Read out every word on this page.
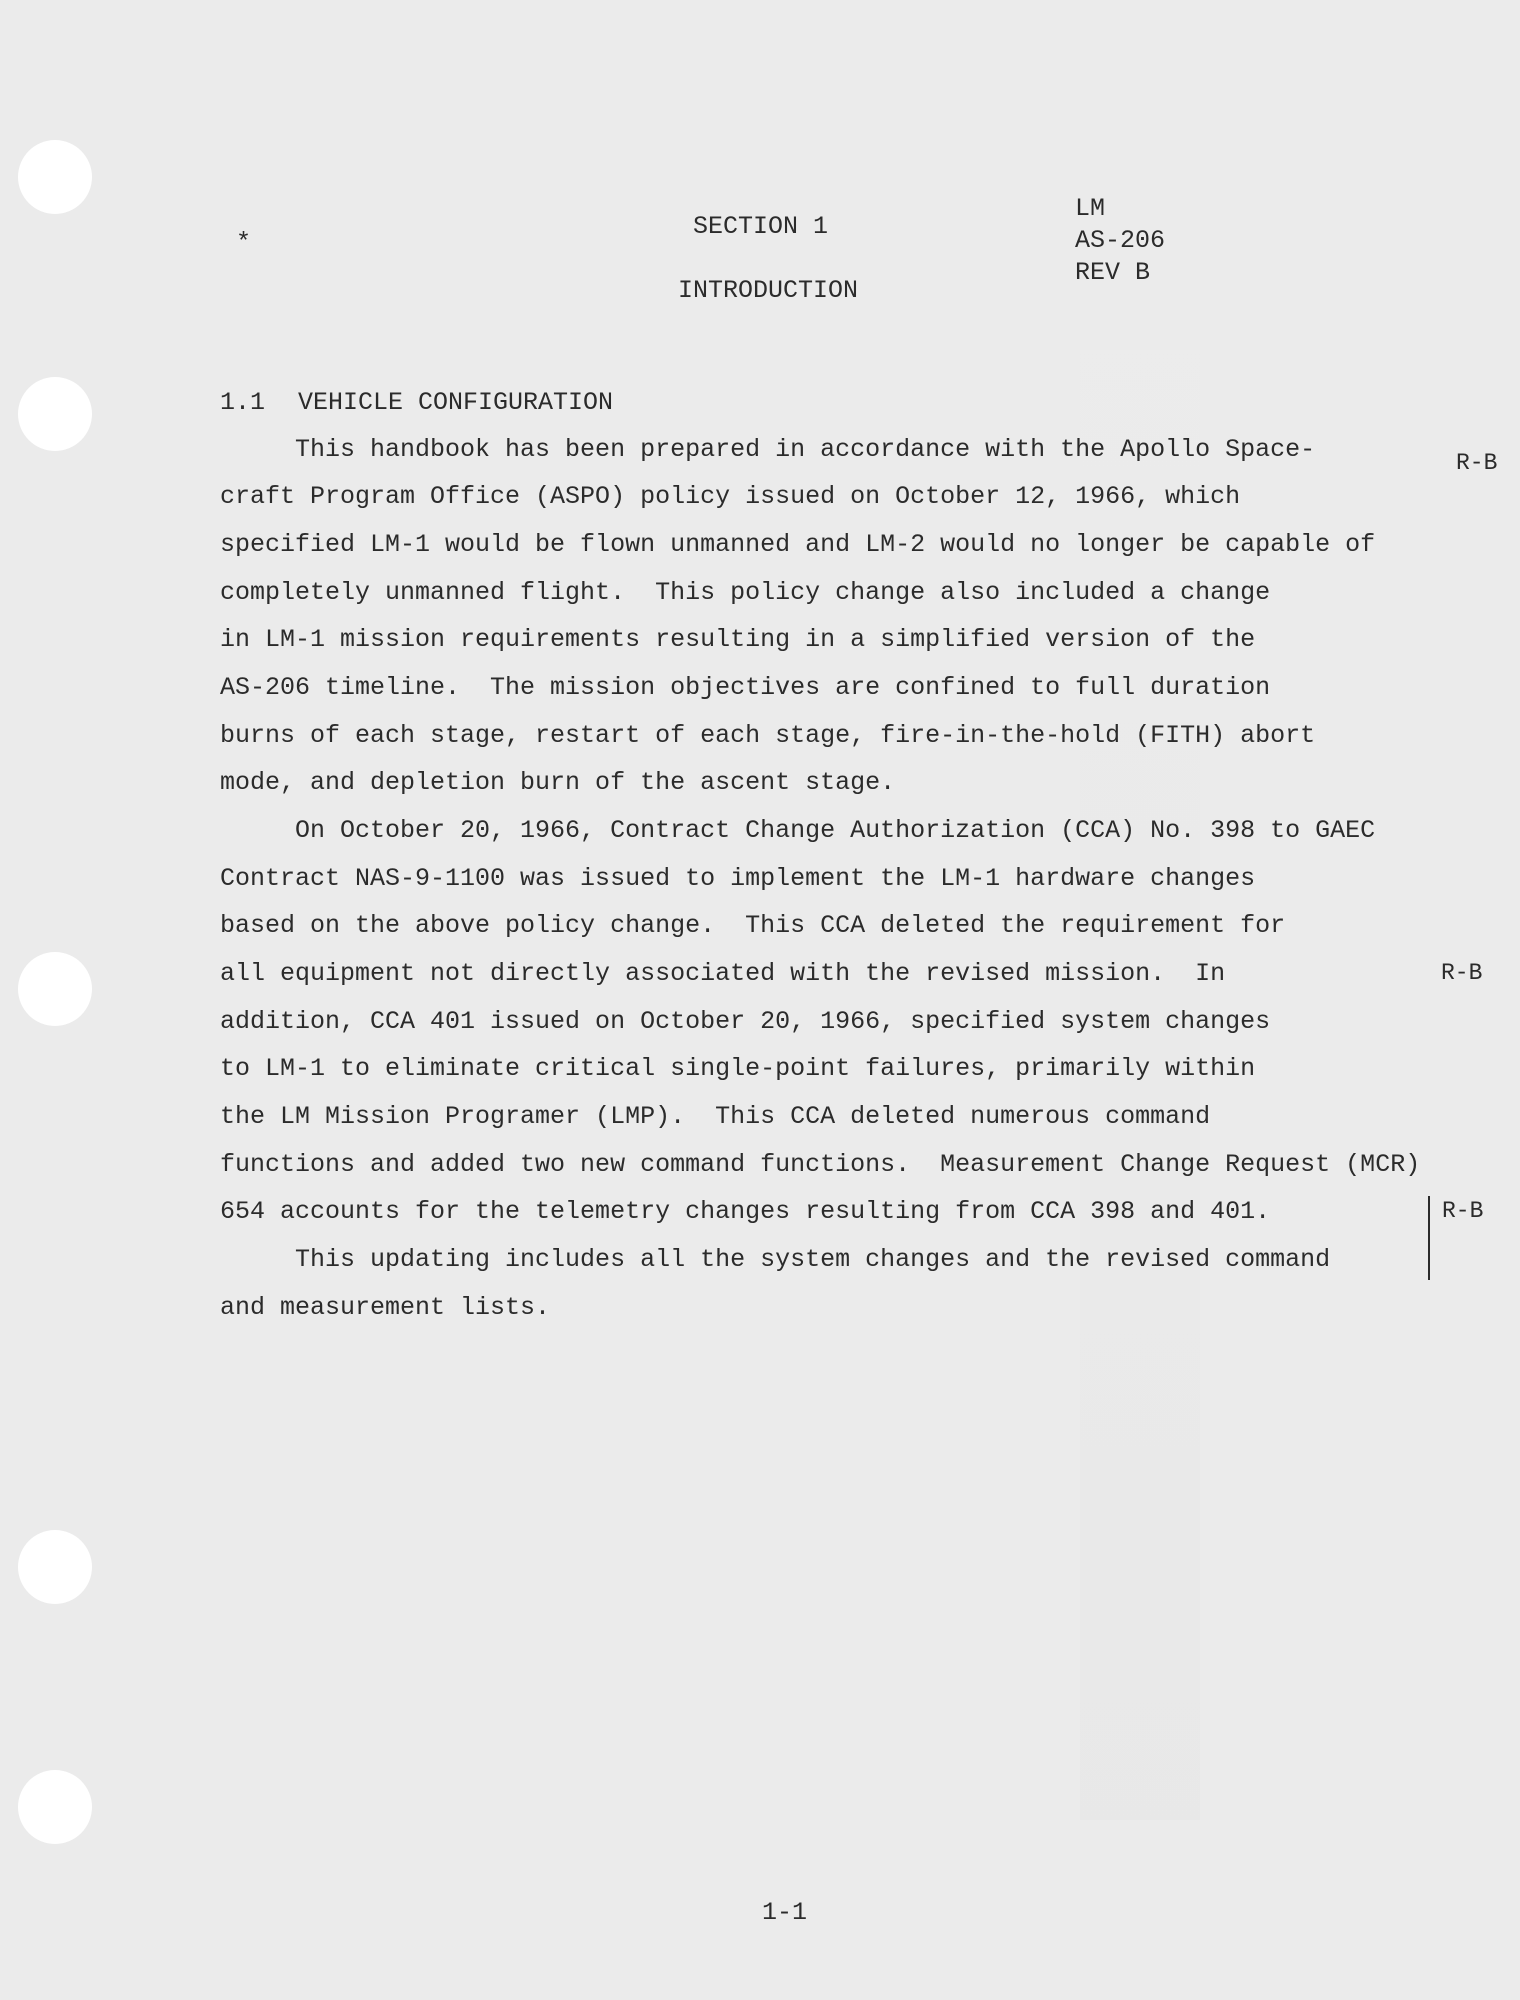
*
SECTION 1
INTRODUCTION
LM
AS-206
REV B
1.1 VEHICLE CONFIGURATION
This handbook has been prepared in accordance with the Apollo Space-
craft Program Office (ASPO) policy issued on October 12, 1966, which
specified LM-1 would be flown unmanned and LM-2 would no longer be capable of
completely unmanned flight.  This policy change also included a change
in LM-1 mission requirements resulting in a simplified version of the
AS-206 timeline.  The mission objectives are confined to full duration
burns of each stage, restart of each stage, fire-in-the-hold (FITH) abort
mode, and depletion burn of the ascent stage.
On October 20, 1966, Contract Change Authorization (CCA) No. 398 to GAEC
Contract NAS-9-1100 was issued to implement the LM-1 hardware changes
based on the above policy change.  This CCA deleted the requirement for
all equipment not directly associated with the revised mission.  In
addition, CCA 401 issued on October 20, 1966, specified system changes
to LM-1 to eliminate critical single-point failures, primarily within
the LM Mission Programer (LMP).  This CCA deleted numerous command
functions and added two new command functions.  Measurement Change Request (MCR)
654 accounts for the telemetry changes resulting from CCA 398 and 401.
This updating includes all the system changes and the revised command
and measurement lists.
R-B
R-B
R-B
1-1
